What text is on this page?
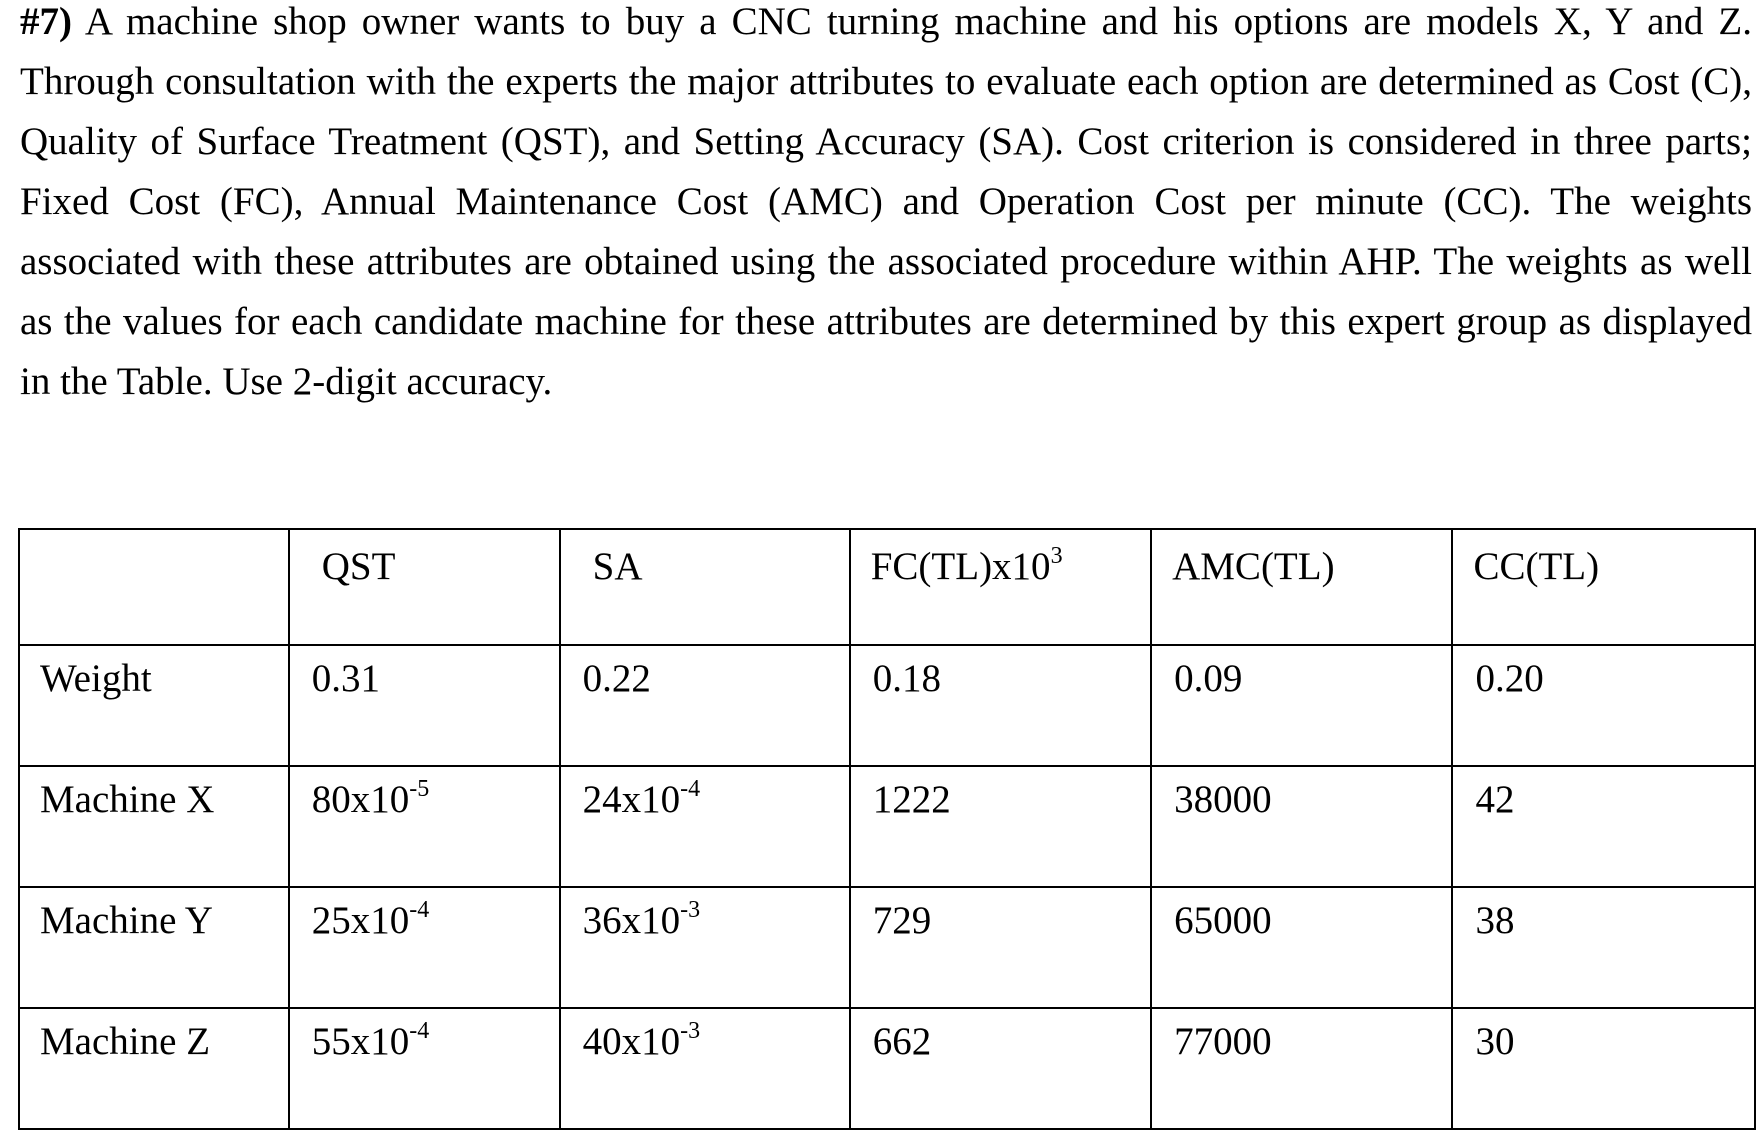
#7) A machine shop owner wants to buy a CNC turning machine and his options are models X, Y and Z. Through consultation with the experts the major attributes to evaluate each option are determined as Cost (C), Quality of Surface Treatment (QST), and Setting Accuracy (SA). Cost criterion is considered in three parts; Fixed Cost (FC), Annual Maintenance Cost (AMC) and Operation Cost per minute (CC). The weights associated with these attributes are obtained using the associated procedure within AHP. The weights as well as the values for each candidate machine for these attributes are determined by this expert group as displayed in the Table. Use 2-digit accuracy.

	QST	SA	$FC(TL)x10^3$	AMC(TL)	CC(TL)
Weight	0.31	0.22	0.18	0.09	0.20
Machine X	$80x10^{-5}$	$24x10^{-4}$	1222	38000	42
Machine Y	$25x10^{-4}$	$36x10^{-3}$	729	65000	38
Machine Z	$55x10^{-4}$	$40x10^{-3}$	662	77000	30
